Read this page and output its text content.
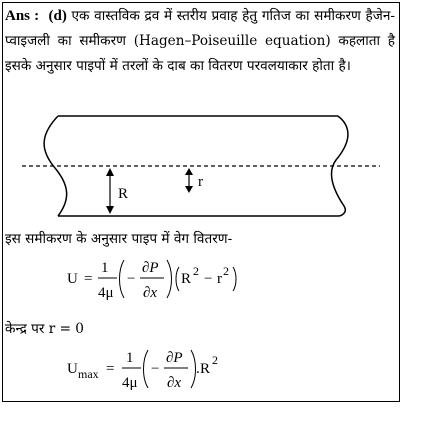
Ans : (d) एक वास्तविक द्रव में स्तरीय प्रवाह हेतु गतिज का समीकरण हैजेन-प्वाइजली का समीकरण (Hagen–Poiseuille equation) कहलाता है इसके अनुसार पाइपों में तरलों के दाब का वितरण परवलयाकार होता है।

R
r

इस समीकरण के अनुसार पाइप में वेग वितरण-

U =
1
4μ
−
∂P
∂x
R 2 − r 2

केन्द्र पर r = 0

U max =
1
4μ
−
∂P
∂x
. R
2
